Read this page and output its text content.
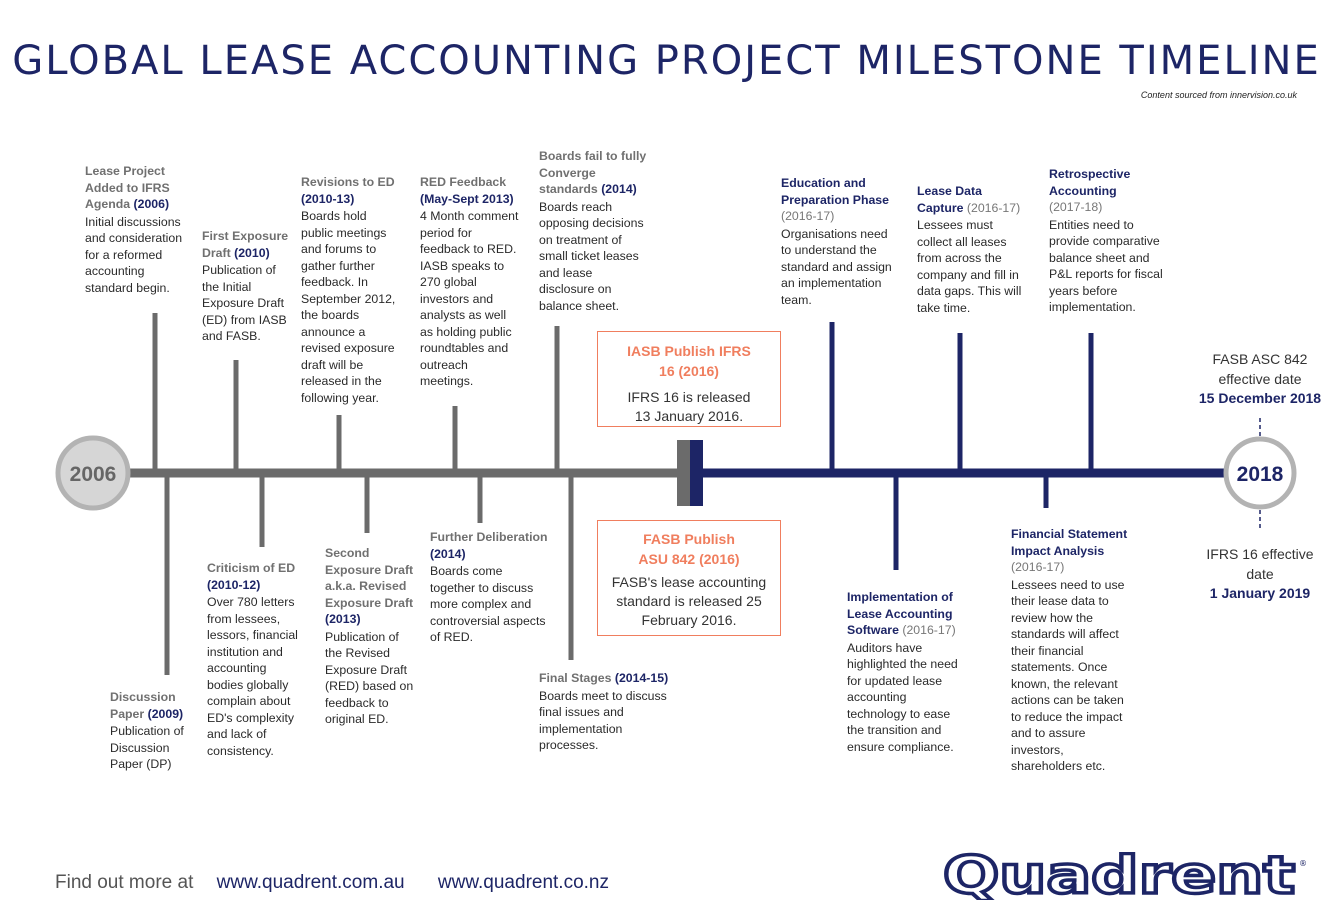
GLOBAL LEASE ACCOUNTING PROJECT MILESTONE TIMELINE
Content sourced from innervision.co.uk
2006	2018
Lease Project Added to IFRS Agenda (2006)
Initial discussions and consideration for a reformed accounting standard begin.
Discussion Paper (2009)
Publication of Discussion Paper (DP)
First Exposure Draft (2010)
Publication of the Initial Exposure Draft (ED) from IASB and FASB.
Criticism of ED
(2010-12)
Over 780 letters from lessees, lessors, financial institution and accounting bodies globally complain about ED's complexity and lack of consistency.
Revisions to ED
(2010-13)
Boards hold public meetings and forums to gather further feedback. In September 2012, the boards announce a revised exposure draft will be released in the following year.
Second Exposure Draft a.k.a. Revised Exposure Draft
(2013)
Publication of the Revised Exposure Draft (RED) based on feedback to original ED.
RED Feedback
(May-Sept 2013)
4 Month comment period for feedback to RED. IASB speaks to 270 global investors and analysts as well as holding public roundtables and outreach meetings.
Further Deliberation (2014)
Boards come together to discuss more complex and controversial aspects of RED.
Boards fail to fully Converge standards (2014)
Boards reach opposing decisions on treatment of small ticket leases and lease disclosure on balance sheet.
Final Stages (2014-15)
Boards meet to discuss final issues and implementation processes.
Education and Preparation Phase
(2016-17)
Organisations need to understand the standard and assign an implementation team.
Implementation of Lease Accounting Software (2016-17)
Auditors have highlighted the need for updated lease accounting technology to ease the transition and ensure compliance.
Lease Data Capture (2016-17)
Lessees must collect all leases from across the company and fill in data gaps. This will take time.
Financial Statement Impact Analysis
(2016-17)
Lessees need to use their lease data to review how the standards will affect their financial statements. Once known, the relevant actions can be taken to reduce the impact and to assure investors, shareholders etc.
Retrospective Accounting
(2017-18)
Entities need to provide comparative balance sheet and P&L reports for fiscal years before implementation.
IASB Publish IFRS 16 (2016)
IFRS 16 is released 13 January 2016.
FASB Publish ASU 842 (2016)
FASB's lease accounting standard is released 25 February 2016.
FASB ASC 842 effective date
15 December 2018
IFRS 16 effective date
1 January 2019
Find out more at www.quadrent.com.au www.quadrent.co.nz	Quadrent ®
